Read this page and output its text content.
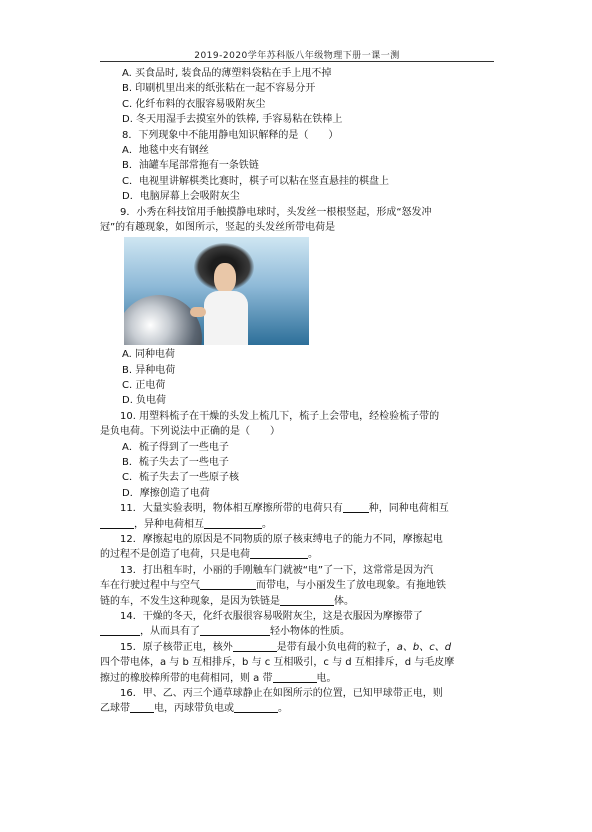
2019-2020学年苏科版八年级物理下册一课一测
A. 买食品时, 装食品的薄塑料袋粘在手上甩不掉
B. 印刷机里出来的纸张粘在一起不容易分开
C. 化纤布料的衣服容易吸附灰尘
D. 冬天用湿手去摸室外的铁棒, 手容易粘在铁棒上
8．下列现象中不能用静电知识解释的是（　　）
A．地毯中夹有钢丝
B．油罐车尾部常拖有一条铁链
C．电视里讲解棋类比赛时，棋子可以粘在竖直悬挂的棋盘上
D．电脑屏幕上会吸附灰尘
9．小秀在科技馆用手触摸静电球时，头发丝一根根竖起，形成“怒发冲
冠”的有趣现象，如图所示，竖起的头发丝所带电荷是
A. 同种电荷
B. 异种电荷
C. 正电荷
D. 负电荷
10. 用塑料梳子在干燥的头发上梳几下，梳子上会带电，经检验梳子带的
是负电荷。下列说法中正确的是（　　）
A．梳子得到了一些电子
B．梳子失去了一些电子
C．梳子失去了一些原子核
D．摩擦创造了电荷
11．大量实验表明，物体相互摩擦所带的电荷只有	种，同种电荷相互
，异种电荷相互	。
12．摩擦起电的原因是不同物质的原子核束缚电子的能力不同，摩擦起电
的过程不是创造了电荷，只是电荷	。
13．打出租车时，小丽的手刚触车门就被“电”了一下，这常常是因为汽
车在行驶过程中与空气	而带电，与小丽发生了放电现象。有拖地铁
链的车，不发生这种现象，是因为铁链是	体。
14．干燥的冬天，化纤衣服很容易吸附灰尘，这是衣服因为摩擦带了
，从而具有了	轻小物体的性质。
15．原子核带正电，核外	是带有最小负电荷的粒子，a、b、c、d
四个带电体，a 与 b 互相排斥，b 与 c 互相吸引，c 与 d 互相排斥，d 与毛皮摩
擦过的橡胶棒所带的电荷相同，则 a 带	电。
16．甲、乙、丙三个通草球静止在如图所示的位置，已知甲球带正电，则
乙球带 电，丙球带负电或	。
